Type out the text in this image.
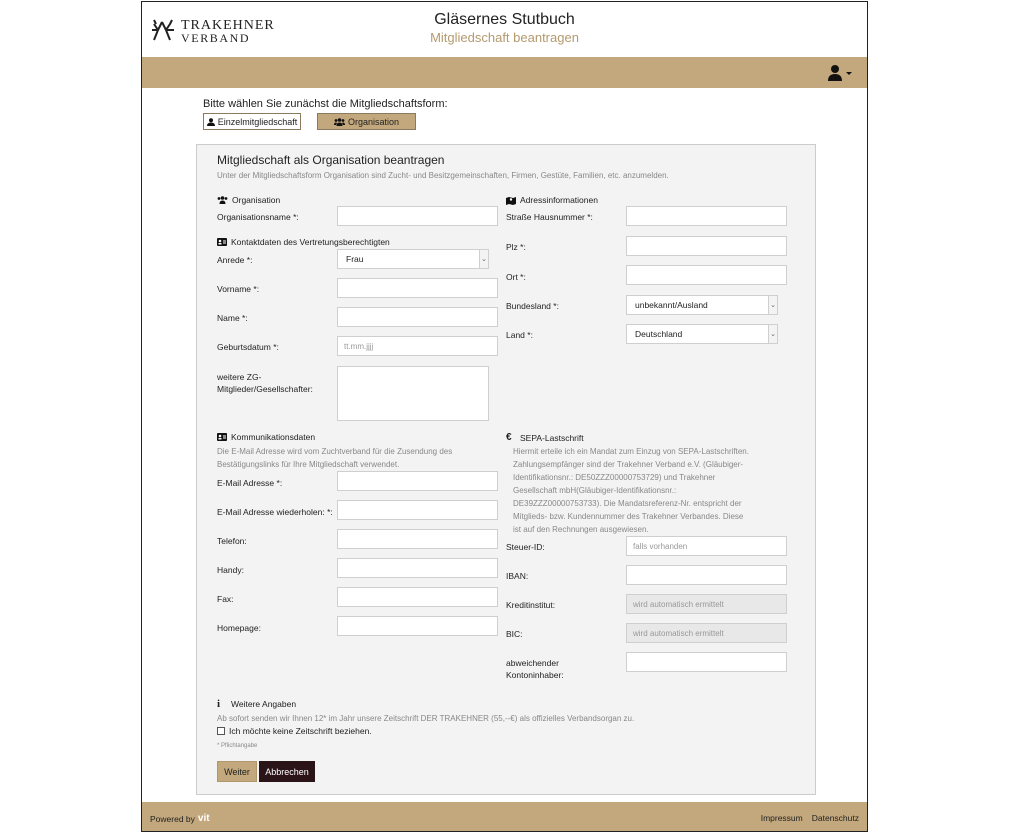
TRAKEHNER
VERBAND
Gläsernes Stutbuch
Mitgliedschaft beantragen
Bitte wählen Sie zunächst die Mitgliedschaftsform:
Einzelmitgliedschaft	Organisation
Mitgliedschaft als Organisation beantragen
Unter der Mitgliedschaftsform Organisation sind Zucht- und Besitzgemeinschaften, Firmen, Gestüte, Familien, etc. anzumelden.
Organisation
Organisationsname *:
Kontaktdaten des Vertretungsberechtigten
Anrede *:	Frau	⌄
Vorname *:
Name *:
Geburtsdatum *:	tt.mm.jjjj
weitere ZG-
Mitglieder/Gesellschafter:
Kommunikationsdaten
Die E-Mail Adresse wird vom Zuchtverband für die Zusendung des
Bestätigungslinks für Ihre Mitgliedschaft verwendet.
E-Mail Adresse *:
E-Mail Adresse wiederholen: *:
Telefon:
Handy:
Fax:
Homepage:
Adressinformationen
Straße Hausnummer *:
Plz *:
Ort *:
Bundesland *:	unbekannt/Ausland	⌄
Land *:	Deutschland	⌄
€ SEPA-Lastschrift
Hiermit erteile ich ein Mandat zum Einzug von SEPA-Lastschriften.
Zahlungsempfänger sind der Trakehner Verband e.V. (Gläubiger-
Identifikationsnr.: DE50ZZZ00000753729) und Trakehner
Gesellschaft mbH(Gläubiger-Identifikationsnr.:
DE39ZZZ00000753733). Die Mandatsreferenz-Nr. entspricht der
Mitglieds- bzw. Kundennummer des Trakehner Verbandes. Diese
ist auf den Rechnungen ausgewiesen.
Steuer-ID:	falls vorhanden
IBAN:
Kreditinstitut:	wird automatisch ermittelt
BIC:	wird automatisch ermittelt
abweichender
Kontoninhaber:
i	Weitere Angaben
Ab sofort senden wir Ihnen 12* im Jahr unsere Zeitschrift DER TRAKEHNER (55,--€) als offizielles Verbandsorgan zu.
Ich möchte keine Zeitschrift beziehen.
* Pflichtangabe
Weiter	Abbrechen
Powered by vit	Impressum Datenschutz
